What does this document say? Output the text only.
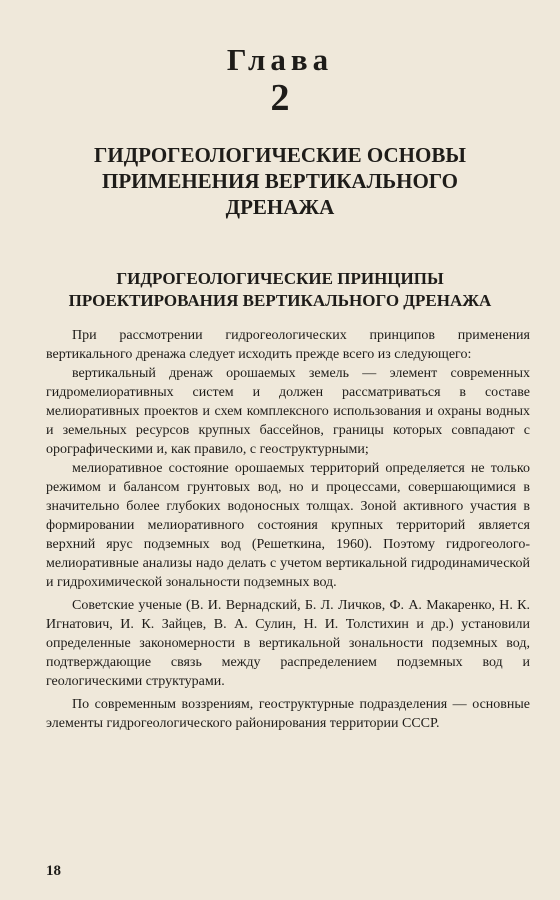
Глава
2
ГИДРОГЕОЛОГИЧЕСКИЕ ОСНОВЫ
ПРИМЕНЕНИЯ ВЕРТИКАЛЬНОГО
ДРЕНАЖА
ГИДРОГЕОЛОГИЧЕСКИЕ ПРИНЦИПЫ
ПРОЕКТИРОВАНИЯ ВЕРТИКАЛЬНОГО ДРЕНАЖА

При рассмотрении гидрогеологических принципов применения вертикального дренажа следует исходить прежде всего из следующего:

вертикальный дренаж орошаемых земель — элемент современных гидромелиоративных систем и должен рассматриваться в составе мелиоративных проектов и схем комплексного использования и охраны водных и земельных ресурсов крупных бассейнов, границы которых совпадают с орографическими и, как правило, с геоструктурными;

мелиоративное состояние орошаемых территорий определяется не только режимом и балансом грунтовых вод, но и процессами, совершающимися в значительно более глубоких водоносных толщах. Зоной активного участия в формировании мелиоративного состояния крупных территорий является верхний ярус подземных вод (Решеткина, 1960). Поэтому гидрогеолого-мелиоративные анализы надо делать с учетом вертикальной гидродинамической и гидрохимической зональности подземных вод.

Советские ученые (В. И. Вернадский, Б. Л. Личков, Ф. А. Макаренко, Н. К. Игнатович, И. К. Зайцев, В. А. Сулин, Н. И. Толстихин и др.) установили определенные закономерности в вертикальной зональности подземных вод, подтверждающие связь между распределением подземных вод и геологическими структурами.

По современным воззрениям, геоструктурные подразделения — основные элементы гидрогеологического районирования территории СССР.

18
